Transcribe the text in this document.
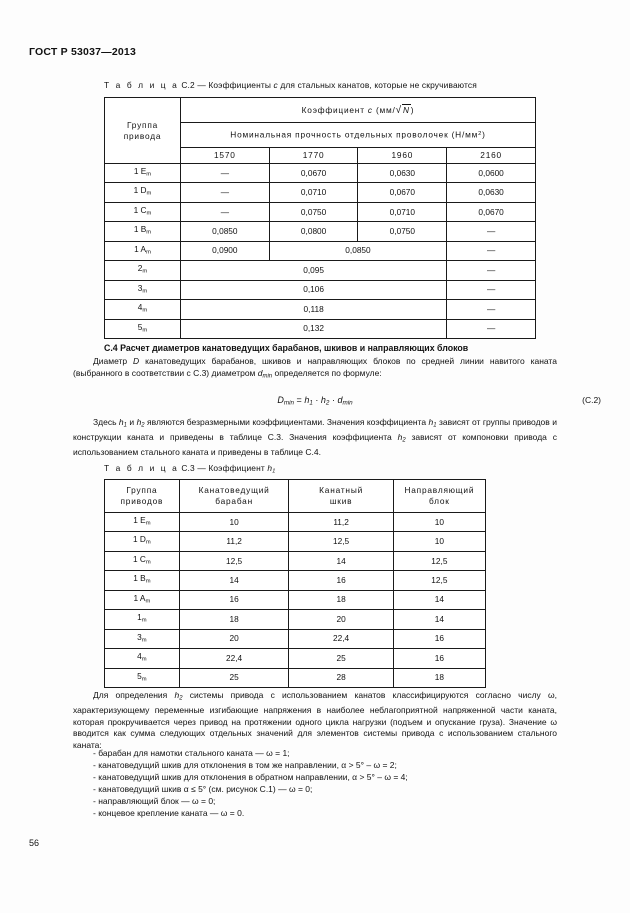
ГОСТ Р 53037—2013
Т а б л и ц а С.2 — Коэффициенты c для стальных канатов, которые не скручиваются
Группа
привода	Коэффициент c (мм/√N)			
	Номинальная прочность отдельных проволочек $(Н/мм^2)$			
	1570	1770	1960	2160
1 $E_m$	—	0,0670	0,0630	0,0600
1 $D_m$	—	0,0710	0,0670	0,0630
1 $C_m$	—	0,0750	0,0710	0,0670
1 $B_m$	0,0850	0,0800	0,0750	—
1 $A_m$	0,0900	0,0850		—
$2_m$	0,095			—
$3_m$	0,106			—
$4_m$	0,118			—
$5_m$	0,132			—
С.4 Расчет диаметров канатоведущих барабанов, шкивов и направляющих блоков
Диаметр D канатоведущих барабанов, шкивов и направляющих блоков по средней линии навитого каната (выбранного в соответствии с С.3) диаметром $d_{min}$ определяется по формуле:
$D_{min} = h_1 \cdot h_2 \cdot d_{min}$	(С.2)
Здесь $h_1$ и $h_2$ являются безразмерными коэффициентами. Значения коэффициента $h_1$ зависят от группы приводов и конструкции каната и приведены в таблице С.3. Значения коэффициента $h_2$ зависят от компоновки привода с использованием стального каната и приведены в таблице С.4.
Т а б л и ц а С.3 — Коэффициент $h_1$
Группа
приводов	Канатоведущий
барабан	Канатный
шкив	Направляющий
блок
1 $E_m$	10	11,2	10
1 $D_m$	11,2	12,5	10
1 $C_m$	12,5	14	12,5
1 $B_m$	14	16	12,5
1 $A_m$	16	18	14
$1_m$	18	20	14
$3_m$	20	22,4	16
$4_m$	22,4	25	16
$5_m$	25	28	18
Для определения $h_2$ системы привода с использованием канатов классифицируются согласно числу ω, характеризующему переменные изгибающие напряжения в наиболее неблагоприятной напряженной части каната, которая прокручивается через привод на протяжении одного цикла нагрузки (подъем и опускание груза). Значение ω вводится как сумма следующих отдельных значений для элементов системы привода с использованием стального каната:
- барабан для намотки стального каната — ω = 1;
- канатоведущий шкив для отклонения в том же направлении, α > 5° – ω = 2;
- канатоведущий шкив для отклонения в обратном направлении, α > 5° – ω = 4;
- канатоведущий шкив α ≤ 5° (см. рисунок С.1) — ω = 0;
- направляющий блок — ω = 0;
- концевое крепление каната — ω = 0.
56
